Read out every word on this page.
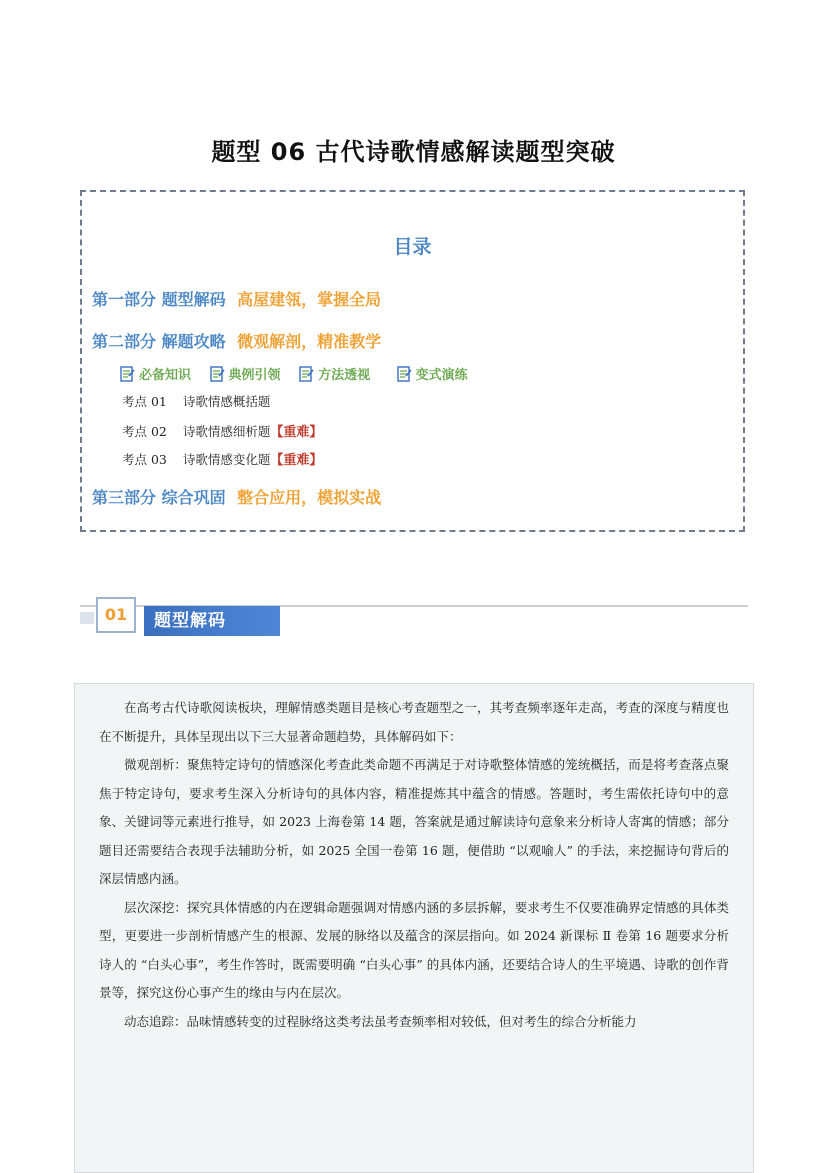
题型 06 古代诗歌情感解读题型突破
目录
第一部分 题型解码 高屋建瓴，掌握全局
第二部分 解题攻略 微观解剖，精准教学
必备知识
	典例引领
	方法透视
	变式演练
考点 01 诗歌情感概括题
考点 02 诗歌情感细析题【重难】
考点 03 诗歌情感变化题【重难】
第三部分 综合巩固 整合应用，模拟实战
01	题型解码

在高考古代诗歌阅读板块，理解情感类题目是核心考查题型之一，其考查频率逐年走高，考查的深度与精度也在不断提升，具体呈现出以下三大显著命题趋势，具体解码如下：

微观剖析：聚焦特定诗句的情感深化考查此类命题不再满足于对诗歌整体情感的笼统概括，而是将考查落点聚焦于特定诗句，要求考生深入分析诗句的具体内容，精准提炼其中蕴含的情感。答题时，考生需依托诗句中的意象、关键词等元素进行推导，如 2023 上海卷第 14 题，答案就是通过解读诗句意象来分析诗人寄寓的情感；部分题目还需要结合表现手法辅助分析，如 2025 全国一卷第 16 题，便借助 “以观喻人” 的手法，来挖掘诗句背后的深层情感内涵。

层次深挖：探究具体情感的内在逻辑命题强调对情感内涵的多层拆解，要求考生不仅要准确界定情感的具体类型，更要进一步剖析情感产生的根源、发展的脉络以及蕴含的深层指向。如 2024 新课标 Ⅱ 卷第 16 题要求分析诗人的 “白头心事”，考生作答时，既需要明确 “白头心事” 的具体内涵，还要结合诗人的生平境遇、诗歌的创作背景等，探究这份心事产生的缘由与内在层次。

动态追踪：品味情感转变的过程脉络这类考法虽考查频率相对较低，但对考生的综合分析能力
